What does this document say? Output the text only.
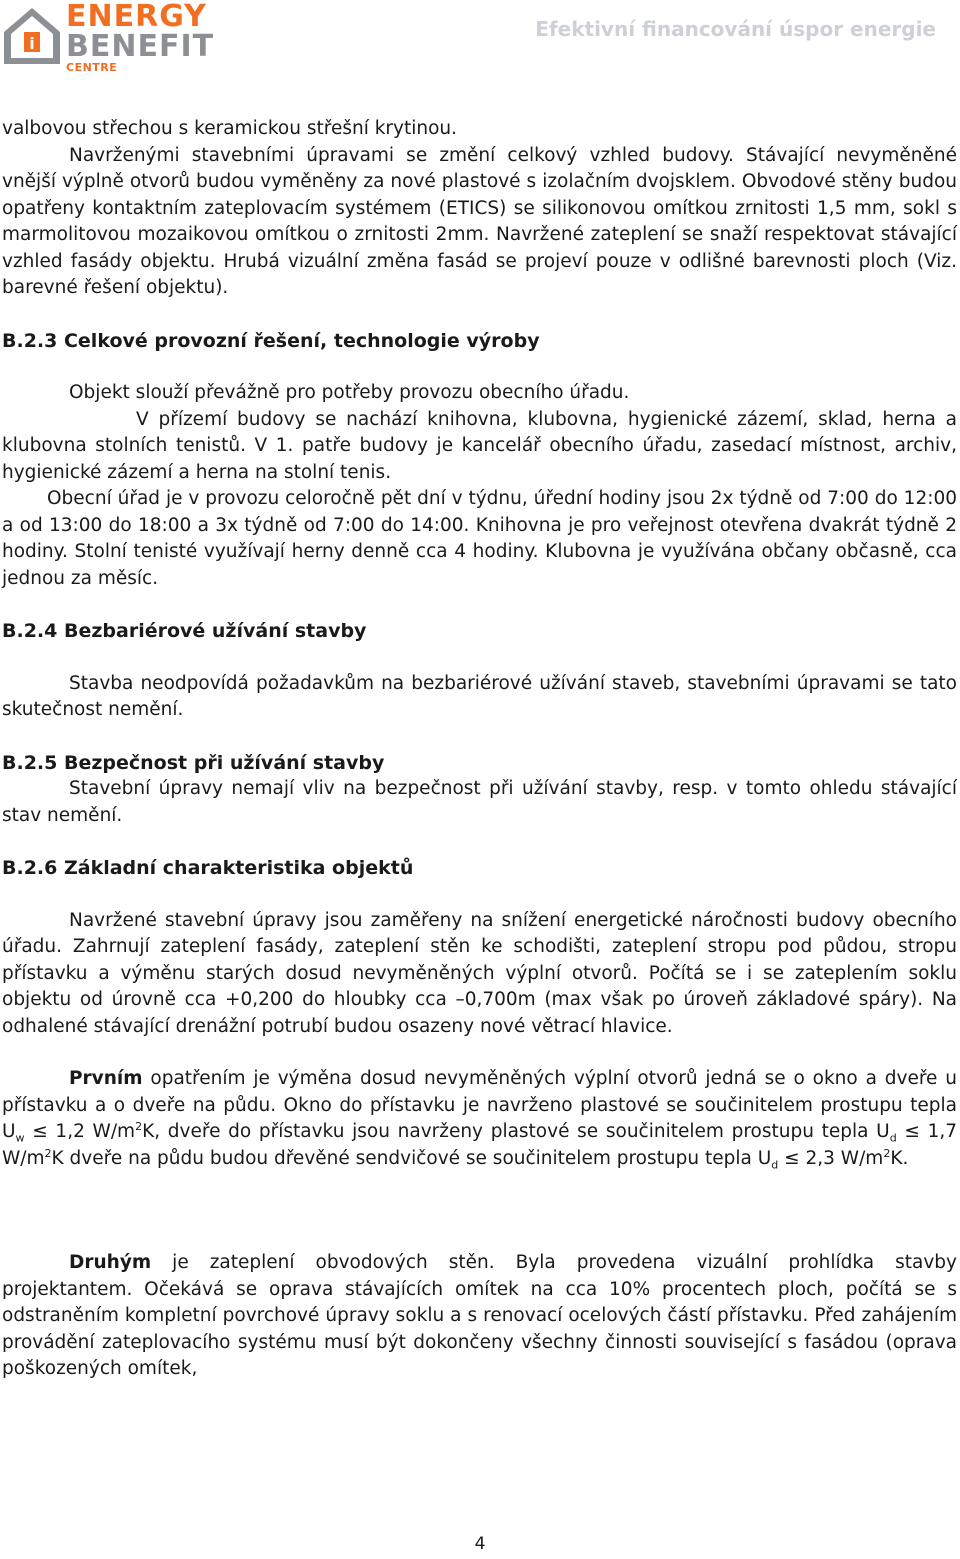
i
ENERGY
BENEFIT
CENTRE
Efektivní financování úspor energie

valbovou střechou s keramickou střešní krytinou.

Navrženými stavebními úpravami se změní celkový vzhled budovy. Stávající nevyměněné vnější výplně otvorů budou vyměněny za nové plastové s izolačním dvojsklem. Obvodové stěny budou opatřeny kontaktním zateplovacím systémem (ETICS) se silikonovou omítkou zrnitosti 1,5 mm, sokl s marmolitovou mozaikovou omítkou o zrnitosti 2mm. Navržené zateplení se snaží respektovat stávající vzhled fasády objektu. Hrubá vizuální změna fasád se projeví pouze v odlišné barevnosti ploch (Viz. barevné řešení objektu).

B.2.3 Celkové provozní řešení, technologie výroby

Objekt slouží převážně pro potřeby provozu obecního úřadu.

V přízemí budovy se nachází knihovna, klubovna, hygienické zázemí, sklad, herna a klubovna stolních tenistů. V 1. patře budovy je kancelář obecního úřadu, zasedací místnost, archiv, hygienické zázemí a herna na stolní tenis.

Obecní úřad je v provozu celoročně pět dní v týdnu, úřední hodiny jsou 2x týdně od 7:00 do 12:00 a od 13:00 do 18:00 a 3x týdně od 7:00 do 14:00. Knihovna je pro veřejnost otevřena dvakrát týdně 2 hodiny. Stolní tenisté využívají herny denně cca 4 hodiny. Klubovna je využívána občany občasně, cca jednou za měsíc.

B.2.4 Bezbariérové užívání stavby

Stavba neodpovídá požadavkům na bezbariérové užívání staveb, stavebními úpravami se tato skutečnost nemění.

B.2.5 Bezpečnost při užívání stavby

Stavební úpravy nemají vliv na bezpečnost při užívání stavby, resp. v tomto ohledu stávající stav nemění.

B.2.6 Základní charakteristika objektů

Navržené stavební úpravy jsou zaměřeny na snížení energetické náročnosti budovy obecního úřadu. Zahrnují zateplení fasády, zateplení stěn ke schodišti, zateplení stropu pod půdou, stropu přístavku a výměnu starých dosud nevyměněných výplní otvorů. Počítá se i se zateplením soklu objektu od úrovně cca +0,200 do hloubky cca –0,700m (max však po úroveň základové spáry). Na odhalené stávající drenážní potrubí budou osazeny nové větrací hlavice.

Prvním opatřením je výměna dosud nevyměněných výplní otvorů jedná se o okno a dveře u přístavku a o dveře na půdu. Okno do přístavku je navrženo plastové se součinitelem prostupu tepla $U_w \le 1,2$ $W/m^2K$, dveře do přístavku jsou navrženy plastové se součinitelem prostupu tepla $U_d \le 1,7$ $W/m^2K$ dveře na půdu budou dřevěné sendvičové se součinitelem prostupu tepla $U_d \le 2,3$ $W/m^2K$.

Druhým je zateplení obvodových stěn. Byla provedena vizuální prohlídka stavby projektantem. Očekává se oprava stávajících omítek na cca 10% procentech ploch, počítá se s odstraněním kompletní povrchové úpravy soklu a s renovací ocelových částí přístavku. Před zahájením provádění zateplovacího systému musí být dokončeny všechny činnosti související s fasádou (oprava poškozených omítek,

4
